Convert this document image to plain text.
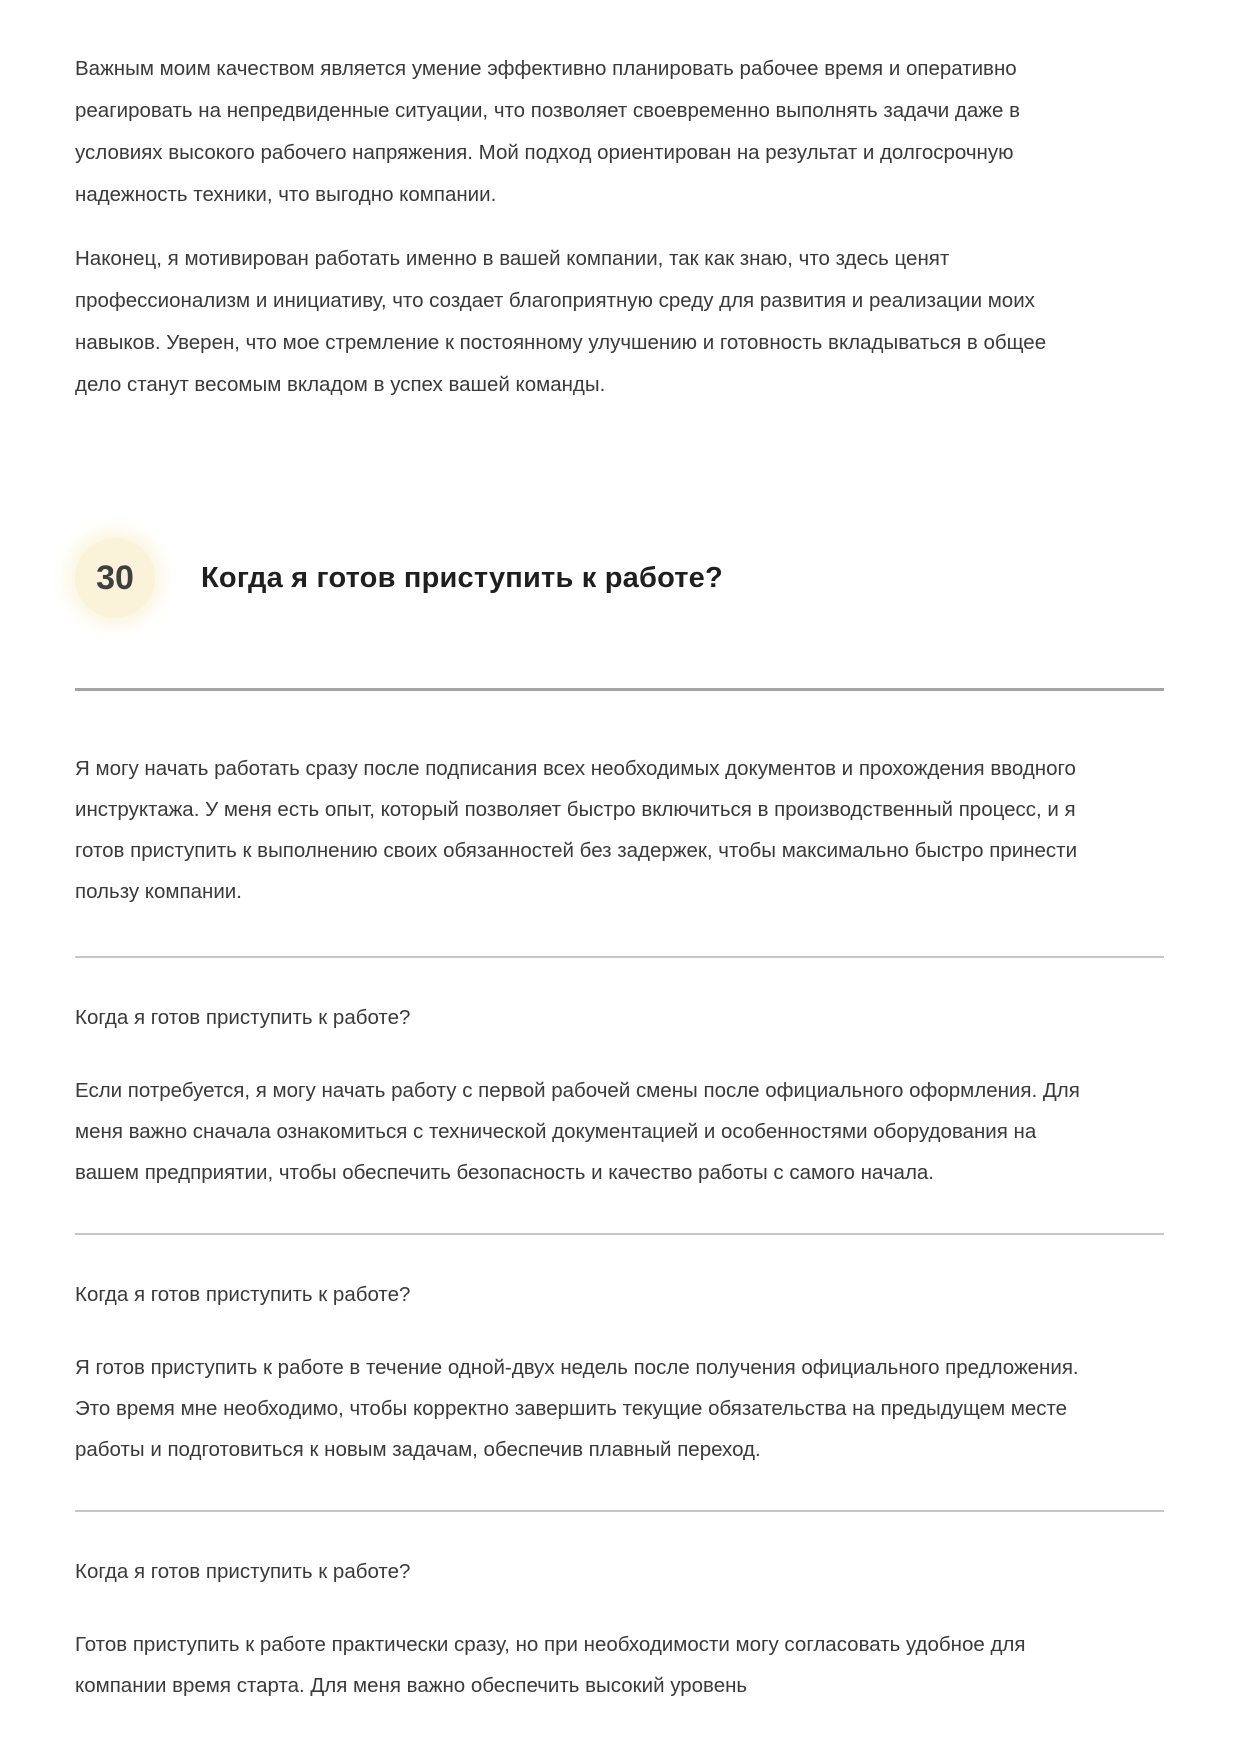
Важным моим качеством является умение эффективно планировать рабочее время и оперативно реагировать на непредвиденные ситуации, что позволяет своевременно выполнять задачи даже в условиях высокого рабочего напряжения. Мой подход ориентирован на результат и долгосрочную надежность техники, что выгодно компании.

Наконец, я мотивирован работать именно в вашей компании, так как знаю, что здесь ценят профессионализм и инициативу, что создает благоприятную среду для развития и реализации моих навыков. Уверен, что мое стремление к постоянному улучшению и готовность вкладываться в общее дело станут весомым вкладом в успех вашей команды.

30 Когда я готов приступить к работе?

Я могу начать работать сразу после подписания всех необходимых документов и прохождения вводного инструктажа. У меня есть опыт, который позволяет быстро включиться в производственный процесс, и я готов приступить к выполнению своих обязанностей без задержек, чтобы максимально быстро принести пользу компании.

Когда я готов приступить к работе?

Если потребуется, я могу начать работу с первой рабочей смены после официального оформления. Для меня важно сначала ознакомиться с технической документацией и особенностями оборудования на вашем предприятии, чтобы обеспечить безопасность и качество работы с самого начала.

Когда я готов приступить к работе?

Я готов приступить к работе в течение одной-двух недель после получения официального предложения. Это время мне необходимо, чтобы корректно завершить текущие обязательства на предыдущем месте работы и подготовиться к новым задачам, обеспечив плавный переход.

Когда я готов приступить к работе?

Готов приступить к работе практически сразу, но при необходимости могу согласовать удобное для компании время старта. Для меня важно обеспечить высокий уровень
